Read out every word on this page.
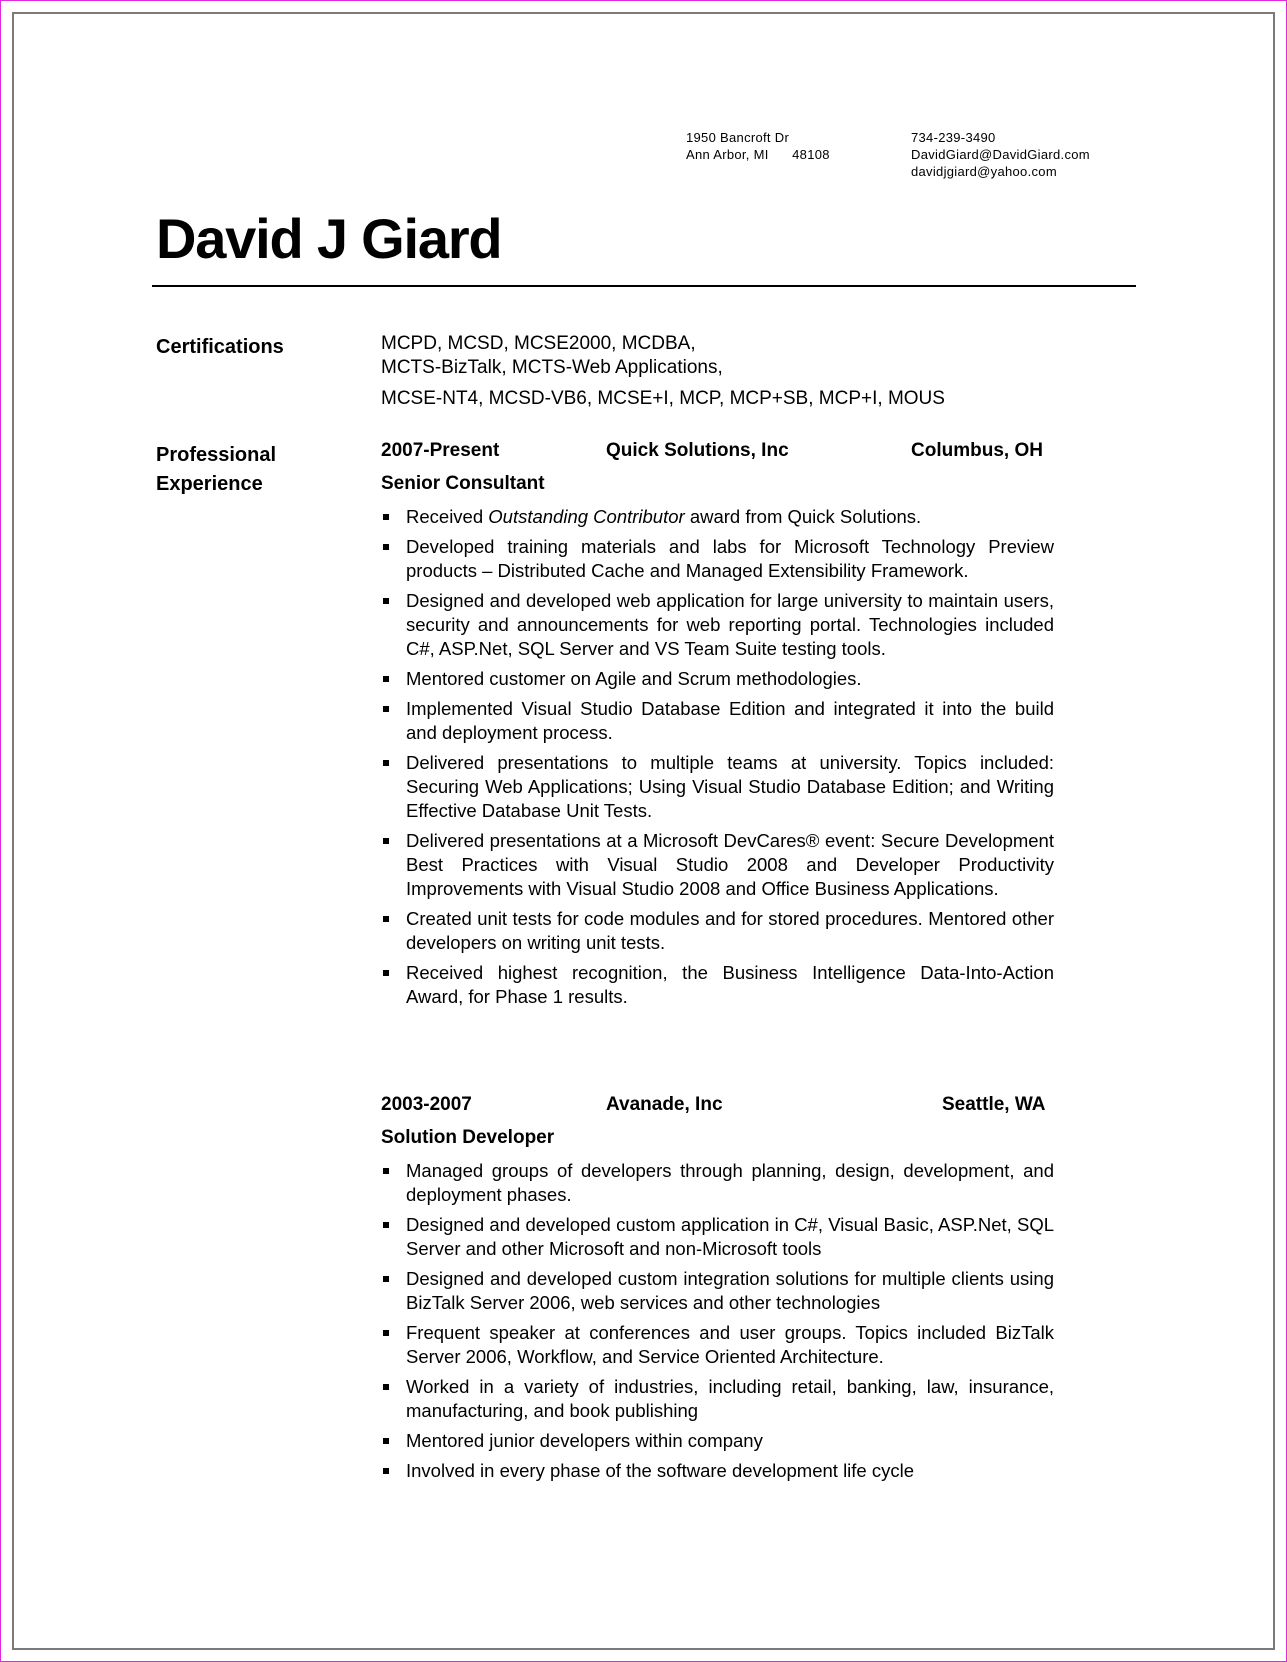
1950 Bancroft Dr
Ann Arbor, MI      48108
734-239-3490
DavidGiard@DavidGiard.com
davidjgiard@yahoo.com
David J Giard
Certifications	MCPD, MCSD, MCSE2000, MCDBA,
MCTS-BizTalk, MCTS-Web Applications,
MCSE-NT4, MCSD-VB6, MCSE+I, MCP, MCP+SB, MCP+I, MOUS
Professional
Experience
2007-Present	Quick Solutions, Inc	Columbus, OH
Senior Consultant
Received Outstanding Contributor award from Quick Solutions.
Developed training materials and labs for Microsoft Technology Preview products – Distributed Cache and Managed Extensibility Framework.
Designed and developed web application for large university to maintain users, security and announcements for web reporting portal. Technologies included C#, ASP.Net, SQL Server and VS Team Suite testing tools.
Mentored customer on Agile and Scrum methodologies.
Implemented Visual Studio Database Edition and integrated it into the build and deployment process.
Delivered presentations to multiple teams at university. Topics included: Securing Web Applications; Using Visual Studio Database Edition; and Writing Effective Database Unit Tests.
Delivered presentations at a Microsoft DevCares® event: Secure Development Best Practices with Visual Studio 2008 and Developer Productivity Improvements with Visual Studio 2008 and Office Business Applications.
Created unit tests for code modules and for stored procedures. Mentored other developers on writing unit tests.
Received highest recognition, the Business Intelligence Data-Into-Action Award, for Phase 1 results.
2003-2007	Avanade, Inc	Seattle, WA
Solution Developer
Managed groups of developers through planning, design, development, and deployment phases.
Designed and developed custom application in C#, Visual Basic, ASP.Net, SQL Server and other Microsoft and non-Microsoft tools
Designed and developed custom integration solutions for multiple clients using BizTalk Server 2006, web services and other technologies
Frequent speaker at conferences and user groups. Topics included BizTalk Server 2006, Workflow, and Service Oriented Architecture.
Worked in a variety of industries, including retail, banking, law, insurance, manufacturing, and book publishing
Mentored junior developers within company
Involved in every phase of the software development life cycle
